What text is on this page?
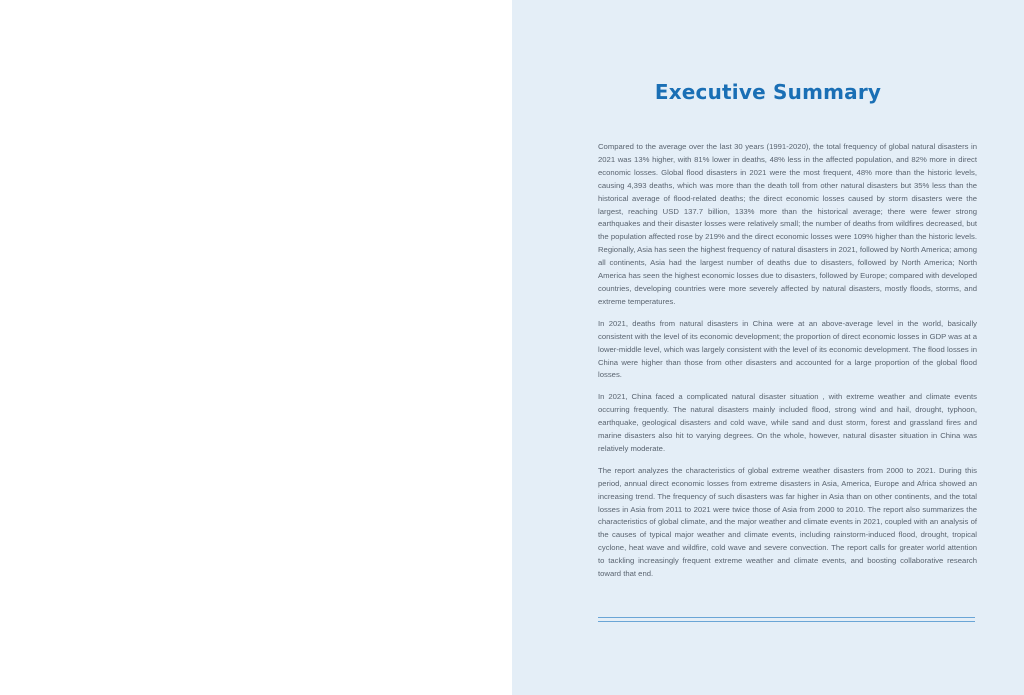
Executive Summary

Compared to the average over the last 30 years (1991-2020), the total frequency of global natural disasters in 2021 was 13% higher, with 81% lower in deaths, 48% less in the affected population, and 82% more in direct economic losses. Global flood disasters in 2021 were the most frequent, 48% more than the historic levels, causing 4,393 deaths, which was more than the death toll from other natural disasters but 35% less than the historical average of flood-related deaths; the direct economic losses caused by storm disasters were the largest, reaching USD 137.7 billion, 133% more than the historical average; there were fewer strong earthquakes and their disaster losses were relatively small; the number of deaths from wildfires decreased, but the population affected rose by 219% and the direct economic losses were 109% higher than the historic levels. Regionally, Asia has seen the highest frequency of natural disasters in 2021, followed by North America; among all continents, Asia had the largest number of deaths due to disasters, followed by North America; North America has seen the highest economic losses due to disasters, followed by Europe; compared with developed countries, developing countries were more severely affected by natural disasters, mostly floods, storms, and extreme temperatures.

In 2021, deaths from natural disasters in China were at an above-average level in the world, basically consistent with the level of its economic development; the proportion of direct economic losses in GDP was at a lower-middle level, which was largely consistent with the level of its economic development. The flood losses in China were higher than those from other disasters and accounted for a large proportion of the global flood losses.

In 2021, China faced a complicated natural disaster situation , with extreme weather and climate events occurring frequently. The natural disasters mainly included flood, strong wind and hail, drought, typhoon, earthquake, geological disasters and cold wave, while sand and dust storm, forest and grassland fires and marine disasters also hit to varying degrees. On the whole, however, natural disaster situation in China was relatively moderate.

The report analyzes the characteristics of global extreme weather disasters from 2000 to 2021. During this period, annual direct economic losses from extreme disasters in Asia, America, Europe and Africa showed an increasing trend. The frequency of such disasters was far higher in Asia than on other continents, and the total losses in Asia from 2011 to 2021 were twice those of Asia from 2000 to 2010. The report also summarizes the characteristics of global climate, and the major weather and climate events in 2021, coupled with an analysis of the causes of typical major weather and climate events, including rainstorm-induced flood, drought, tropical cyclone, heat wave and wildfire, cold wave and severe convection. The report calls for greater world attention to tackling increasingly frequent extreme weather and climate events, and boosting collaborative research toward that end.
